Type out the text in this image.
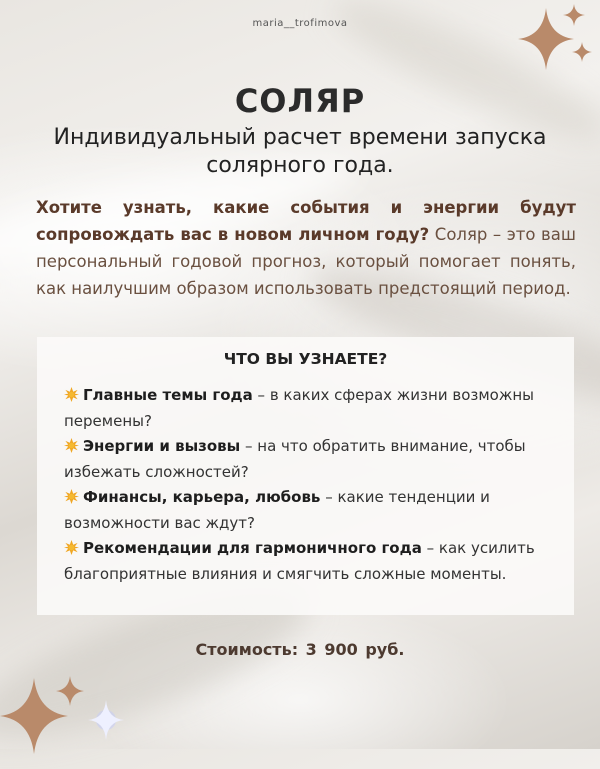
maria__trofimova
СОЛЯР
Индивидуальный расчет времени запуска солярного года.
Хотите узнать, какие события и энергии будут сопровождать вас в новом личном году? Соляр – это ваш персональный годовой прогноз, который помогает понять, как наилучшим образом использовать предстоящий период.
ЧТО ВЫ УЗНАЕТЕ?
Главные темы года – в каких сферах жизни возможны перемены?
Энергии и вызовы – на что обратить внимание, чтобы избежать сложностей?
Финансы, карьера, любовь – какие тенденции и возможности вас ждут?
Рекомендации для гармоничного года – как усилить благоприятные влияния и смягчить сложные моменты.
Стоимость: 3 900 руб.
